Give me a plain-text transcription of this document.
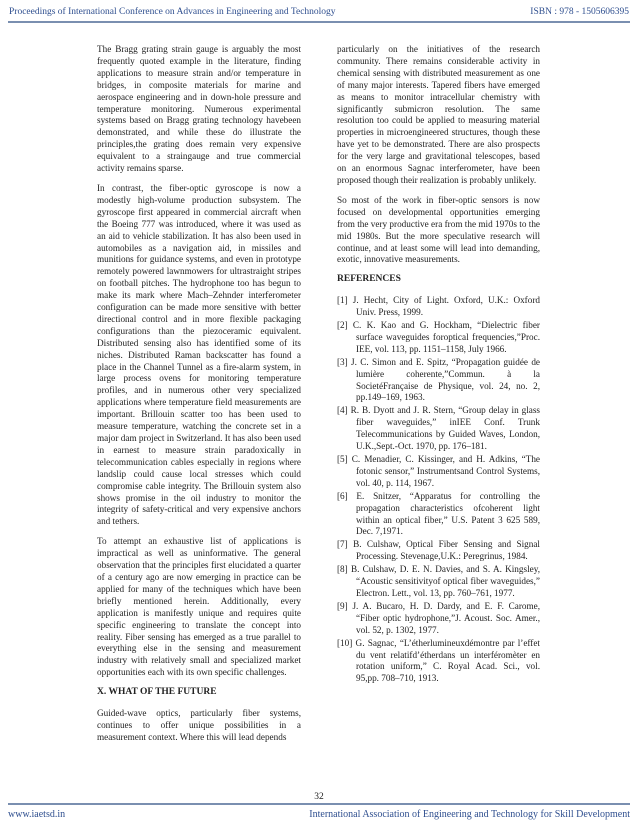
Proceedings of International Conference on Advances in Engineering and Technology	ISBN : 978 - 1505606395

The Bragg grating strain gauge is arguably the most frequently quoted example in the literature, finding applications to measure strain and/or temperature in bridges, in composite materials for marine and aerospace engineering and in down-hole pressure and temperature monitoring. Numerous experimental systems based on Bragg grating technology havebeen demonstrated, and while these do illustrate the principles,the grating does remain very expensive equivalent to a straingauge and true commercial activity remains sparse.

In contrast, the fiber-optic gyroscope is now a modestly high-volume production subsystem. The gyroscope first appeared in commercial aircraft when the Boeing 777 was introduced, where it was used as an aid to vehicle stabilization. It has also been used in automobiles as a navigation aid, in missiles and munitions for guidance systems, and even in prototype remotely powered lawnmowers for ultrastraight stripes on football pitches. The hydrophone too has begun to make its mark where Mach–Zehnder interferometer configuration can be made more sensitive with better directional control and in more flexible packaging configurations than the piezoceramic equivalent. Distributed sensing also has identified some of its niches. Distributed Raman backscatter has found a place in the Channel Tunnel as a fire-alarm system, in large process ovens for monitoring temperature profiles, and in numerous other very specialized applications where temperature field measurements are important. Brillouin scatter too has been used to measure temperature, watching the concrete set in a major dam project in Switzerland. It has also been used in earnest to measure strain paradoxically in telecommunication cables especially in regions where landslip could cause local stresses which could compromise cable integrity. The Brillouin system also shows promise in the oil industry to monitor the integrity of safety-critical and very expensive anchors and tethers.

To attempt an exhaustive list of applications is impractical as well as uninformative. The general observation that the principles first elucidated a quarter of a century ago are now emerging in practice can be applied for many of the techniques which have been briefly mentioned herein. Additionally, every application is manifestly unique and requires quite specific engineering to translate the concept into reality. Fiber sensing has emerged as a true parallel to everything else in the sensing and measurement industry with relatively small and specialized market opportunities each with its own specific challenges.

X. WHAT OF THE FUTURE

Guided-wave optics, particularly fiber systems, continues to offer unique possibilities in a measurement context. Where this will lead depends

particularly on the initiatives of the research community. There remains considerable activity in chemical sensing with distributed measurement as one of many major interests. Tapered fibers have emerged as means to monitor intracellular chemistry with significantly submicron resolution. The same resolution too could be applied to measuring material properties in microengineered structures, though these have yet to be demonstrated. There are also prospects for the very large and gravitational telescopes, based on an enormous Sagnac interferometer, have been proposed though their realization is probably unlikely.

So most of the work in fiber-optic sensors is now focused on developmental opportunities emerging from the very productive era from the mid 1970s to the mid 1980s. But the more speculative research will continue, and at least some will lead into demanding, exotic, innovative measurements.

REFERENCES
[1] J. Hecht, City of Light. Oxford, U.K.: Oxford Univ. Press, 1999.
[2] C. K. Kao and G. Hockham, “Dielectric fiber surface waveguides foroptical frequencies,”Proc. IEE, vol. 113, pp. 1151–1158, July 1966.
[3] J. C. Simon and E. Spitz, “Propagation guidée de lumière coherente,”Commun. à la SocietéFrançaise de Physique, vol. 24, no. 2, pp.149–169, 1963.
[4] R. B. Dyott and J. R. Stern, “Group delay in glass fiber waveguides,” inIEE Conf. Trunk Telecommunications by Guided Waves, London, U.K.,Sept.-Oct. 1970, pp. 176–181.
[5] C. Menadier, C. Kissinger, and H. Adkins, “The fotonic sensor,” Instrumentsand Control Systems, vol. 40, p. 114, 1967.
[6] E. Snitzer, “Apparatus for controlling the propagation characteristics ofcoherent light within an optical fiber,” U.S. Patent 3 625 589, Dec. 7,1971.
[7] B. Culshaw, Optical Fiber Sensing and Signal Processing. Stevenage,U.K.: Peregrinus, 1984.
[8] B. Culshaw, D. E. N. Davies, and S. A. Kingsley, “Acoustic sensitivityof optical fiber waveguides,” Electron. Lett., vol. 13, pp. 760–761, 1977.
[9] J. A. Bucaro, H. D. Dardy, and E. F. Carome, “Fiber optic hydrophone,”J. Acoust. Soc. Amer., vol. 52, p. 1302, 1977.
[10] G. Sagnac, “L’étherlumineuxdémontre par l’effet du vent relatifd’étherdans un interféromèter en rotation uniform,” C. Royal Acad. Sci., vol. 95,pp. 708–710, 1913.
32
www.iaetsd.in	International Association of Engineering and Technology for Skill Development
